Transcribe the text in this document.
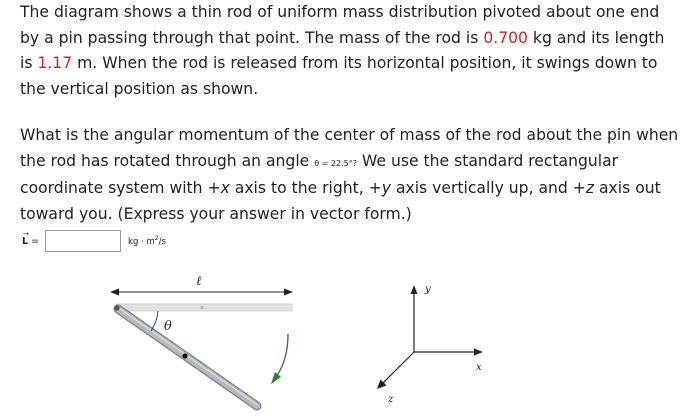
The diagram shows a thin rod of uniform mass distribution pivoted about one end by a pin passing through that point. The mass of the rod is 0.700 kg and its length is 1.17 m. When the rod is released from its horizontal position, it swings down to the vertical position as shown.

What is the angular momentum of the center of mass of the rod about the pin when the rod has rotated through an angle θ = 22.5°? We use the standard rectangular coordinate system with +x axis to the right, +y axis vertically up, and +z axis out toward you. (Express your answer in vector form.)

→
L =	kg · $m^2/s$
ℓ
θ
y
x
z
